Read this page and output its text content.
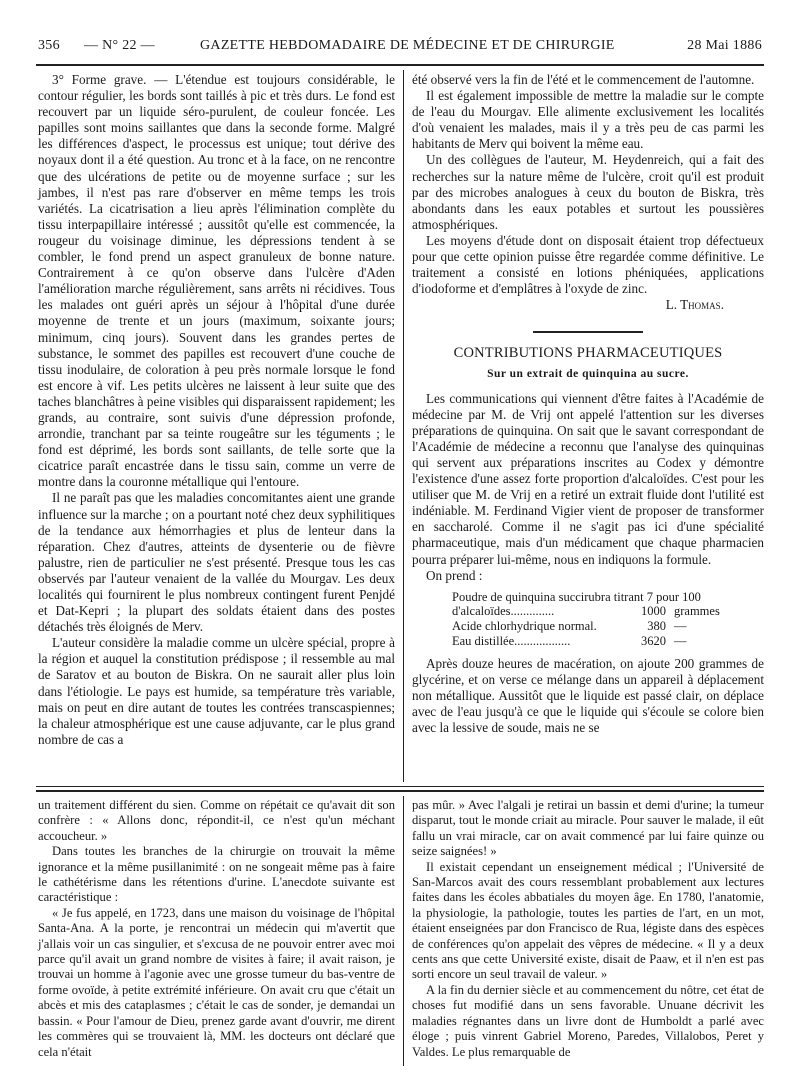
356 — N° 22 —	GAZETTE HEBDOMADAIRE DE MÉDECINE ET DE CHIRURGIE	28 Mai 1886

3° Forme grave. — L'étendue est toujours considérable, le contour régulier, les bords sont taillés à pic et très durs. Le fond est recouvert par un liquide séro-purulent, de couleur foncée. Les papilles sont moins saillantes que dans la seconde forme. Malgré les différences d'aspect, le processus est unique; tout dérive des noyaux dont il a été question. Au tronc et à la face, on ne rencontre que des ulcérations de petite ou de moyenne surface ; sur les jambes, il n'est pas rare d'observer en même temps les trois variétés. La cicatrisation a lieu après l'élimination complète du tissu interpapillaire intéressé ; aussitôt qu'elle est commencée, la rougeur du voisinage diminue, les dépressions tendent à se combler, le fond prend un aspect granuleux de bonne nature. Contrairement à ce qu'on observe dans l'ulcère d'Aden l'amélioration marche régulièrement, sans arrêts ni récidives. Tous les malades ont guéri après un séjour à l'hôpital d'une durée moyenne de trente et un jours (maximum, soixante jours; minimum, cinq jours). Souvent dans les grandes pertes de substance, le sommet des papilles est recouvert d'une couche de tissu inodulaire, de coloration à peu près normale lorsque le fond est encore à vif. Les petits ulcères ne laissent à leur suite que des taches blanchâtres à peine visibles qui disparaissent rapidement; les grands, au contraire, sont suivis d'une dépression profonde, arrondie, tranchant par sa teinte rougeâtre sur les téguments ; le fond est déprimé, les bords sont saillants, de telle sorte que la cicatrice paraît encastrée dans le tissu sain, comme un verre de montre dans la couronne métallique qui l'entoure.

Il ne paraît pas que les maladies concomitantes aient une grande influence sur la marche ; on a pourtant noté chez deux syphilitiques de la tendance aux hémorrhagies et plus de lenteur dans la réparation. Chez d'autres, atteints de dysenterie ou de fièvre palustre, rien de particulier ne s'est présenté. Presque tous les cas observés par l'auteur venaient de la vallée du Mourgav. Les deux localités qui fournirent le plus nombreux contingent furent Penjdé et Dat-Kepri ; la plupart des soldats étaient dans des postes détachés très éloignés de Merv.

L'auteur considère la maladie comme un ulcère spécial, propre à la région et auquel la constitution prédispose ; il ressemble au mal de Saratov et au bouton de Biskra. On ne saurait aller plus loin dans l'étiologie. Le pays est humide, sa température très variable, mais on peut en dire autant de toutes les contrées transcaspiennes; la chaleur atmosphérique est une cause adjuvante, car le plus grand nombre de cas a

été observé vers la fin de l'été et le commencement de l'automne.

Il est également impossible de mettre la maladie sur le compte de l'eau du Mourgav. Elle alimente exclusivement les localités d'où venaient les malades, mais il y a très peu de cas parmi les habitants de Merv qui boivent la même eau.

Un des collègues de l'auteur, M. Heydenreich, qui a fait des recherches sur la nature même de l'ulcère, croit qu'il est produit par des microbes analogues à ceux du bouton de Biskra, très abondants dans les eaux potables et surtout les poussières atmosphériques.

Les moyens d'étude dont on disposait étaient trop défectueux pour que cette opinion puisse être regardée comme définitive. Le traitement a consisté en lotions phéniquées, applications d'iodoforme et d'emplâtres à l'oxyde de zinc.

L. Thomas.

CONTRIBUTIONS PHARMACEUTIQUES
Sur un extrait de quinquina au sucre.

Les communications qui viennent d'être faites à l'Académie de médecine par M. de Vrij ont appelé l'attention sur les diverses préparations de quinquina. On sait que le savant correspondant de l'Académie de médecine a reconnu que l'analyse des quinquinas qui servent aux préparations inscrites au Codex y démontre l'existence d'une assez forte proportion d'alcaloïdes. C'est pour les utiliser que M. de Vrij en a retiré un extrait fluide dont l'utilité est indéniable. M. Ferdinand Vigier vient de proposer de transformer en saccharolé. Comme il ne s'agit pas ici d'une spécialité pharmaceutique, mais d'un médicament que chaque pharmacien pourra préparer lui-même, nous en indiquons la formule.

On prend :

Poudre de quinquina succirubra titrant 7 pour 100
d'alcaloïdes..............	1000 grammes
Acide chlorhydrique normal.	380 —
Eau distillée..................	3620 —

Après douze heures de macération, on ajoute 200 grammes de glycérine, et on verse ce mélange dans un appareil à déplacement non métallique. Aussitôt que le liquide est passé clair, on déplace avec de l'eau jusqu'à ce que le liquide qui s'écoule se colore bien avec la lessive de soude, mais ne se

un traitement différent du sien. Comme on répétait ce qu'avait dit son confrère : « Allons donc, répondit-il, ce n'est qu'un méchant accoucheur. »

Dans toutes les branches de la chirurgie on trouvait la même ignorance et la même pusillanimité : on ne songeait même pas à faire le cathétérisme dans les rétentions d'urine. L'anecdote suivante est caractéristique :

« Je fus appelé, en 1723, dans une maison du voisinage de l'hôpital Santa-Ana. A la porte, je rencontrai un médecin qui m'avertit que j'allais voir un cas singulier, et s'excusa de ne pouvoir entrer avec moi parce qu'il avait un grand nombre de visites à faire; il avait raison, je trouvai un homme à l'agonie avec une grosse tumeur du bas-ventre de forme ovoïde, à petite extrémité inférieure. On avait cru que c'était un abcès et mis des cataplasmes ; c'était le cas de sonder, je demandai un bassin. « Pour l'amour de Dieu, prenez garde avant d'ouvrir, me dirent les commères qui se trouvaient là, MM. les docteurs ont déclaré que cela n'était

pas mûr. » Avec l'algali je retirai un bassin et demi d'urine; la tumeur disparut, tout le monde criait au miracle. Pour sauver le malade, il eût fallu un vrai miracle, car on avait commencé par lui faire quinze ou seize saignées! »

Il existait cependant un enseignement médical ; l'Université de San-Marcos avait des cours ressemblant probablement aux lectures faites dans les écoles abbatiales du moyen âge. En 1780, l'anatomie, la physiologie, la pathologie, toutes les parties de l'art, en un mot, étaient enseignées par don Francisco de Rua, légiste dans des espèces de conférences qu'on appelait des vêpres de médecine. « Il y a deux cents ans que cette Université existe, disait de Paaw, et il n'en est pas sorti encore un seul travail de valeur. »

A la fin du dernier siècle et au commencement du nôtre, cet état de choses fut modifié dans un sens favorable. Unuane décrivit les maladies régnantes dans un livre dont de Humboldt a parlé avec éloge ; puis vinrent Gabriel Moreno, Paredes, Villalobos, Peret y Valdes. Le plus remarquable de
